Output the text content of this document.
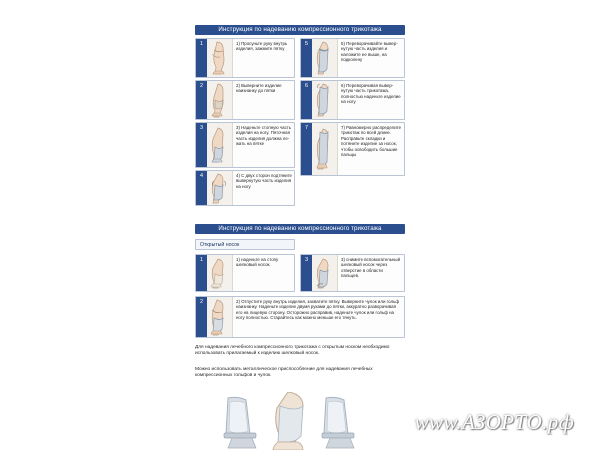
Инструкция по надеванию компрессионного трикотажа
1	1) Просуньте руку внутрь изделия, зажмите пятку
2	2) Выверните изделие наизнанку до пятки
3	3) Наденьте стопную часть изделия на ногу. Пяточная часть изделия должна лежать на пятке
4	4) С двух сторон подтяните вывернутую часть изделия на ногу
5	5) Переворачивайте вывернутую часть изделия и наложите ее выше, на подколену
6	6) Переворачивая вывернутую часть трикотажа, полностью наденьте изделие на ногу
7	7) Равномерно распределите трикотаж по всей длине. Расправьте складки и потяните изделие за носок, чтобы освободить большие пальцы
Инструкция по надеванию компрессионного трикотажа
Открытый носок
1	1) наденьте на стопу шелковый носок.
3	3) снимите вспомогательный шелковый носок через отверстие в области пальцев.
2	2) Отпустите руку внутрь изделия, захватите пятку. Выверните чулок или гольф наизнанку. Наденьте изделие двумя руками до пятки, аккуратно разворачивая его на лицевую сторону. Осторожно расправив, наденьте чулок или гольф на ногу полностью. Старайтесь как можно меньше его тянуть.
Для надевания лечебного компрессионного трикотажа с открытым носком необходимо использовать прилагаемый к изделию шелковый носок.
Можно использовать металлическое приспособление для надевания лечебных компрессионных гольфов и чулок.
www.АЗОРТО.рф
